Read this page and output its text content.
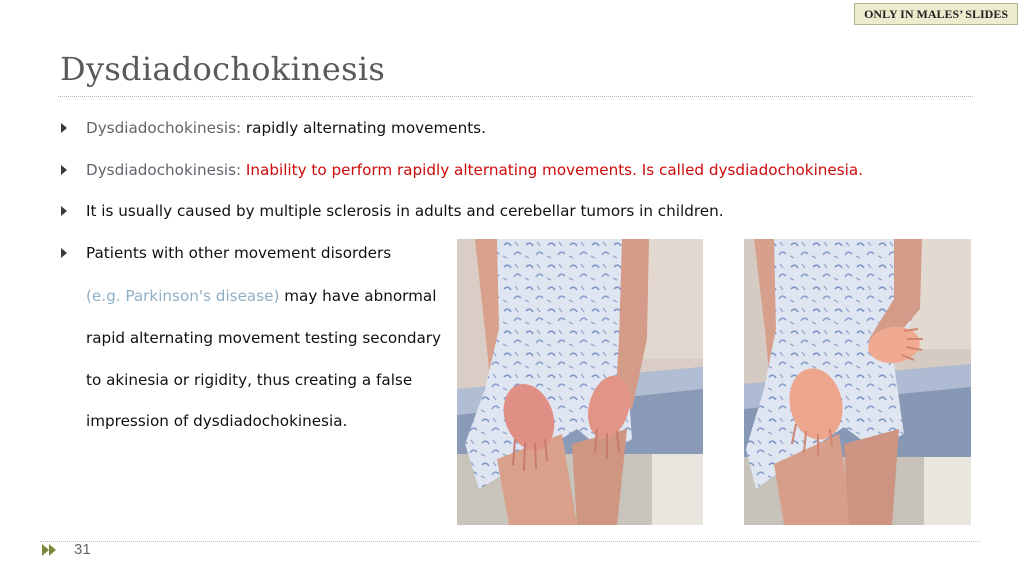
ONLY IN MALES’ SLIDES
Dysdiadochokinesis
Dysdiadochokinesis: rapidly alternating movements.
Dysdiadochokinesis: Inability to perform rapidly alternating movements. Is called dysdiadochokinesia.
It is usually caused by multiple sclerosis in adults and cerebellar tumors in children.
Patients with other movement disorders
(e.g. Parkinson's disease) may have abnormal
rapid alternating movement testing secondary
to akinesia or rigidity, thus creating a false
impression of dysdiadochokinesia.
31
